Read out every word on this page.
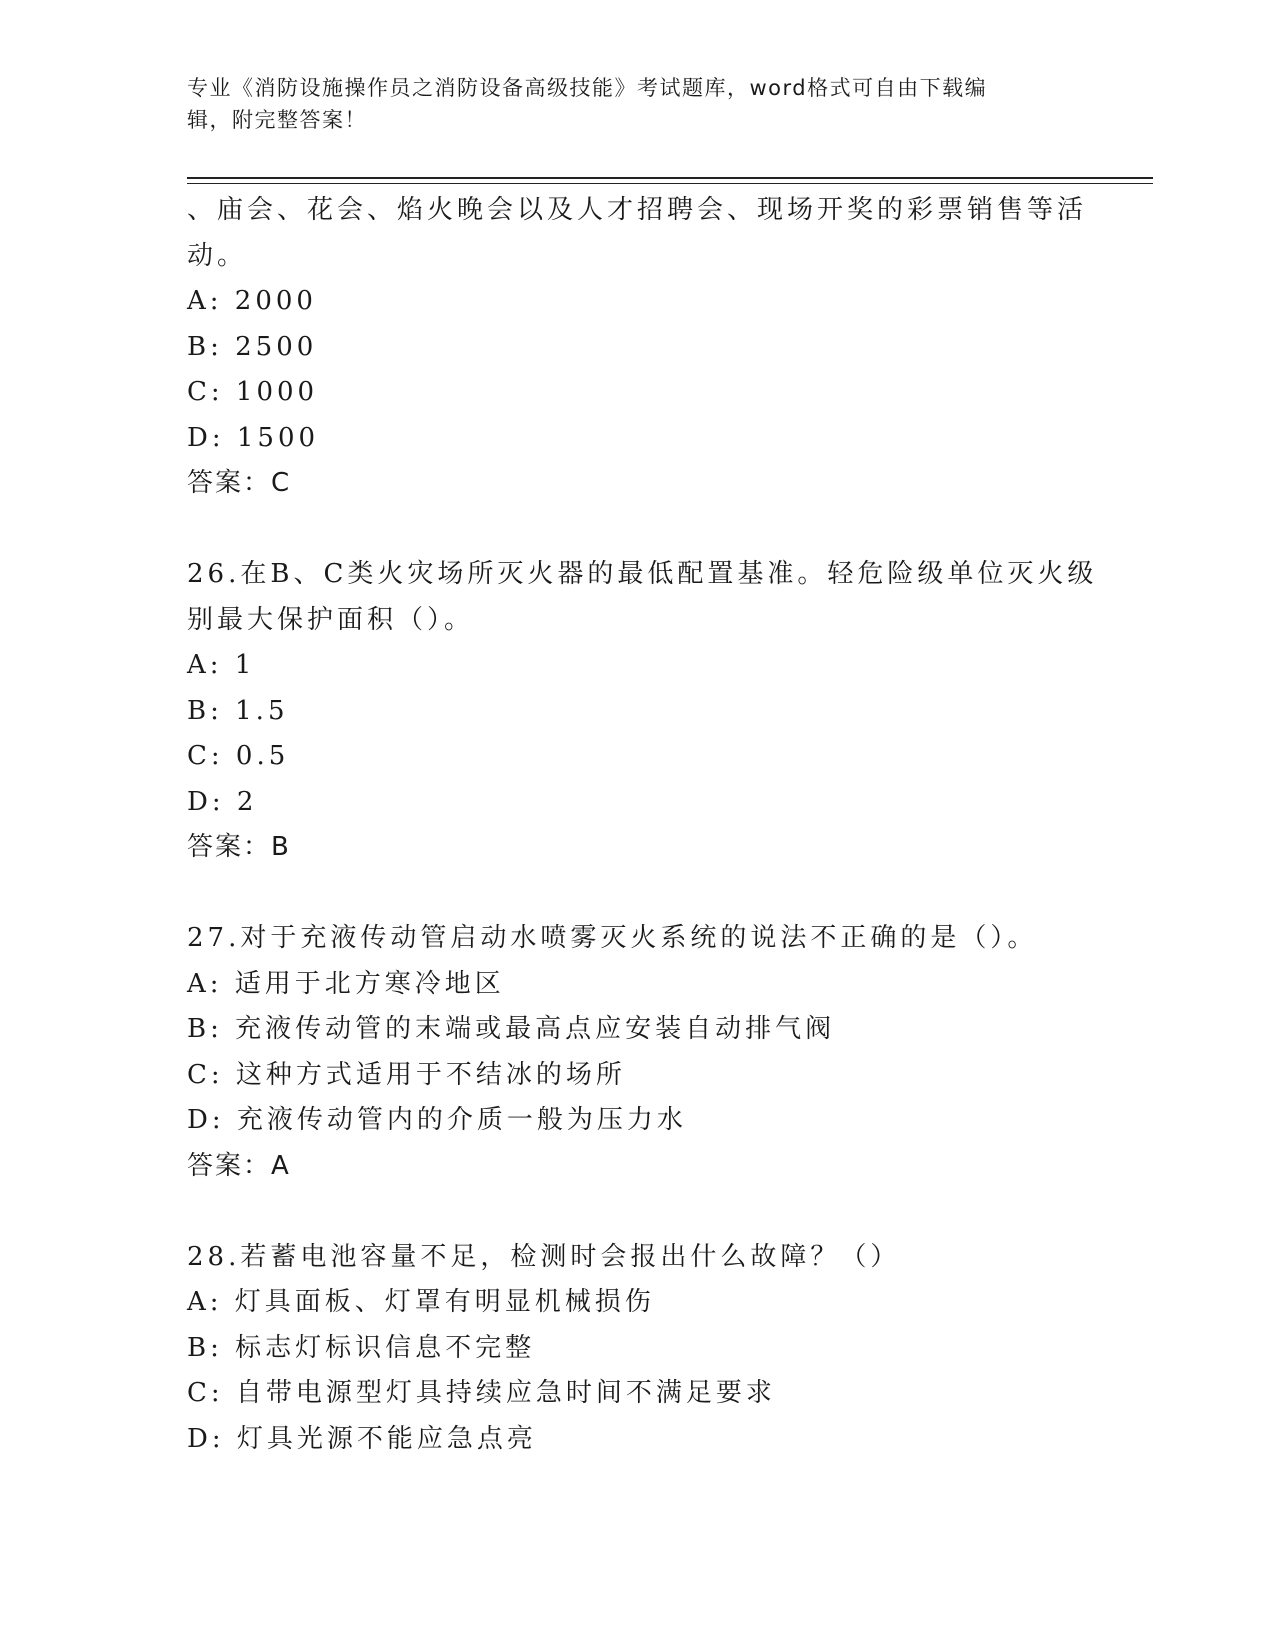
专业《消防设施操作员之消防设备高级技能》考试题库，word格式可自由下载编
辑，附完整答案！
、庙会、花会、焰火晚会以及人才招聘会、现场开奖的彩票销售等活
动。
A: 2000
B: 2500
C: 1000
D: 1500
答案：C
26.在B、C类火灾场所灭火器的最低配置基准。轻危险级单位灭火级
别最大保护面积（）。
A: 1
B: 1.5
C: 0.5
D: 2
答案：B
27.对于充液传动管启动水喷雾灭火系统的说法不正确的是（）。
A: 适用于北方寒冷地区
B: 充液传动管的末端或最高点应安装自动排气阀
C: 这种方式适用于不结冰的场所
D: 充液传动管内的介质一般为压力水
答案：A
28.若蓄电池容量不足，检测时会报出什么故障？（）
A: 灯具面板、灯罩有明显机械损伤
B: 标志灯标识信息不完整
C: 自带电源型灯具持续应急时间不满足要求
D: 灯具光源不能应急点亮
